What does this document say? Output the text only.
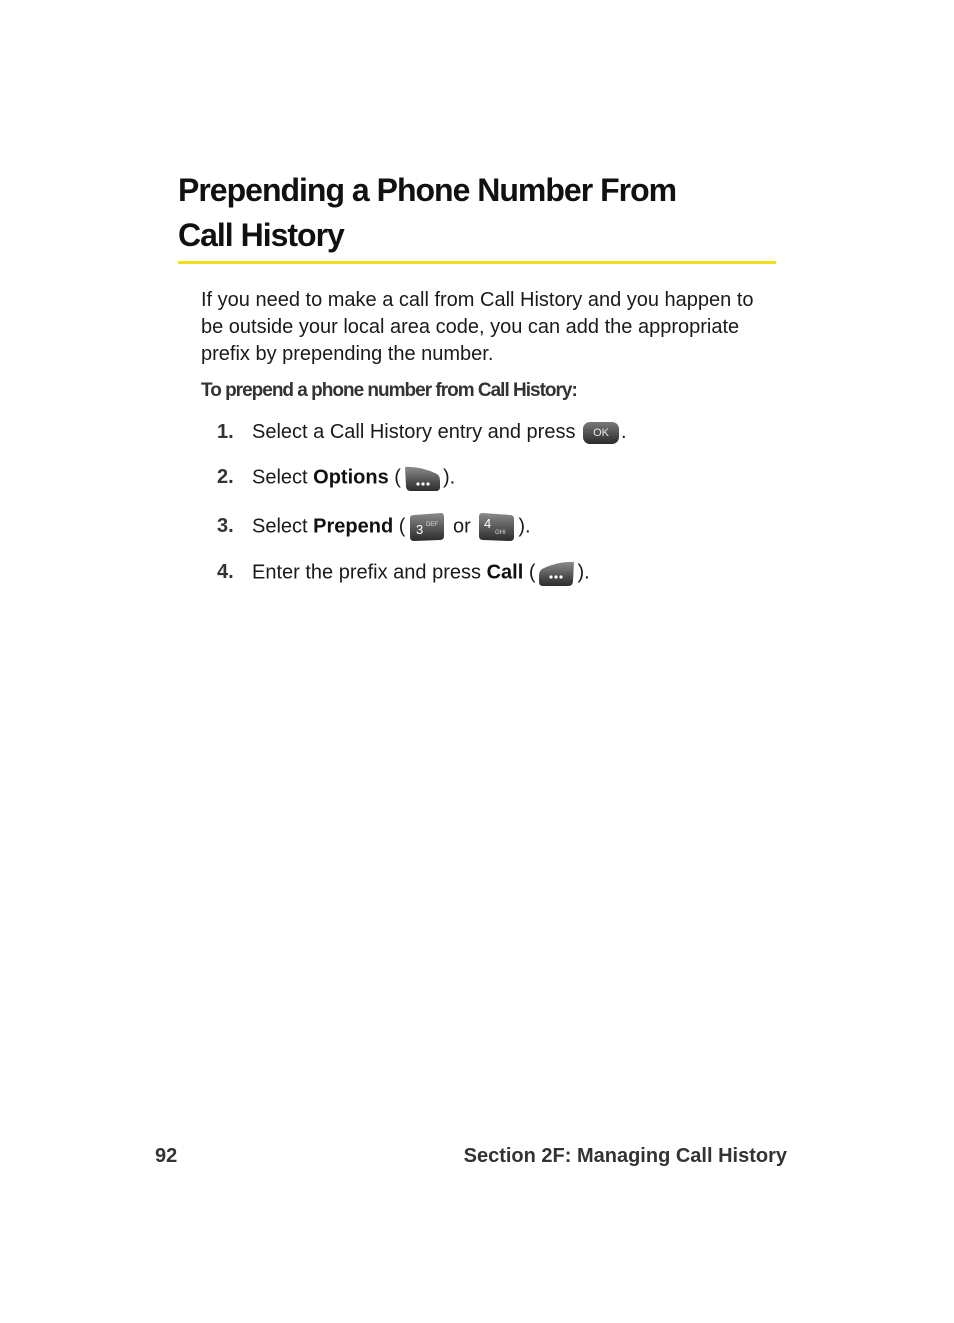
Prepending a Phone Number From
Call History

If you need to make a call from Call History and you happen to be outside your local area code, you can add the appropriate prefix by prepending the number.

To prepend a phone number from Call History:

1. Select a Call History entry and press	OK .
2. Select Options ( ).
3. Select Prepend ( 3 DEF or 4
GHI ).
4. Enter the prefix and press Call ( ).

92	Section 2F: Managing Call History
